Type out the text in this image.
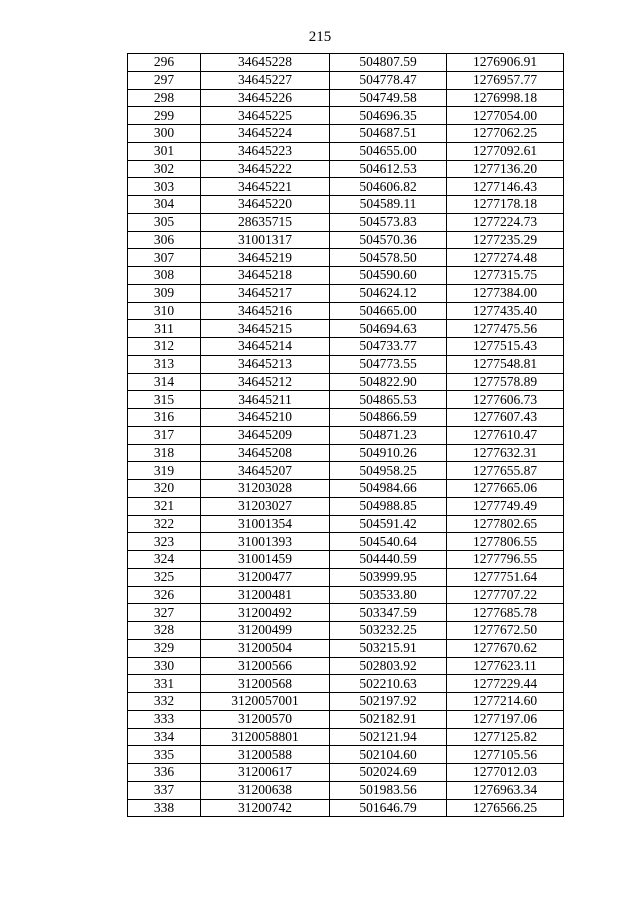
215
296	34645228	504807.59	1276906.91
297	34645227	504778.47	1276957.77
298	34645226	504749.58	1276998.18
299	34645225	504696.35	1277054.00
300	34645224	504687.51	1277062.25
301	34645223	504655.00	1277092.61
302	34645222	504612.53	1277136.20
303	34645221	504606.82	1277146.43
304	34645220	504589.11	1277178.18
305	28635715	504573.83	1277224.73
306	31001317	504570.36	1277235.29
307	34645219	504578.50	1277274.48
308	34645218	504590.60	1277315.75
309	34645217	504624.12	1277384.00
310	34645216	504665.00	1277435.40
311	34645215	504694.63	1277475.56
312	34645214	504733.77	1277515.43
313	34645213	504773.55	1277548.81
314	34645212	504822.90	1277578.89
315	34645211	504865.53	1277606.73
316	34645210	504866.59	1277607.43
317	34645209	504871.23	1277610.47
318	34645208	504910.26	1277632.31
319	34645207	504958.25	1277655.87
320	31203028	504984.66	1277665.06
321	31203027	504988.85	1277749.49
322	31001354	504591.42	1277802.65
323	31001393	504540.64	1277806.55
324	31001459	504440.59	1277796.55
325	31200477	503999.95	1277751.64
326	31200481	503533.80	1277707.22
327	31200492	503347.59	1277685.78
328	31200499	503232.25	1277672.50
329	31200504	503215.91	1277670.62
330	31200566	502803.92	1277623.11
331	31200568	502210.63	1277229.44
332	3120057001	502197.92	1277214.60
333	31200570	502182.91	1277197.06
334	3120058801	502121.94	1277125.82
335	31200588	502104.60	1277105.56
336	31200617	502024.69	1277012.03
337	31200638	501983.56	1276963.34
338	31200742	501646.79	1276566.25
